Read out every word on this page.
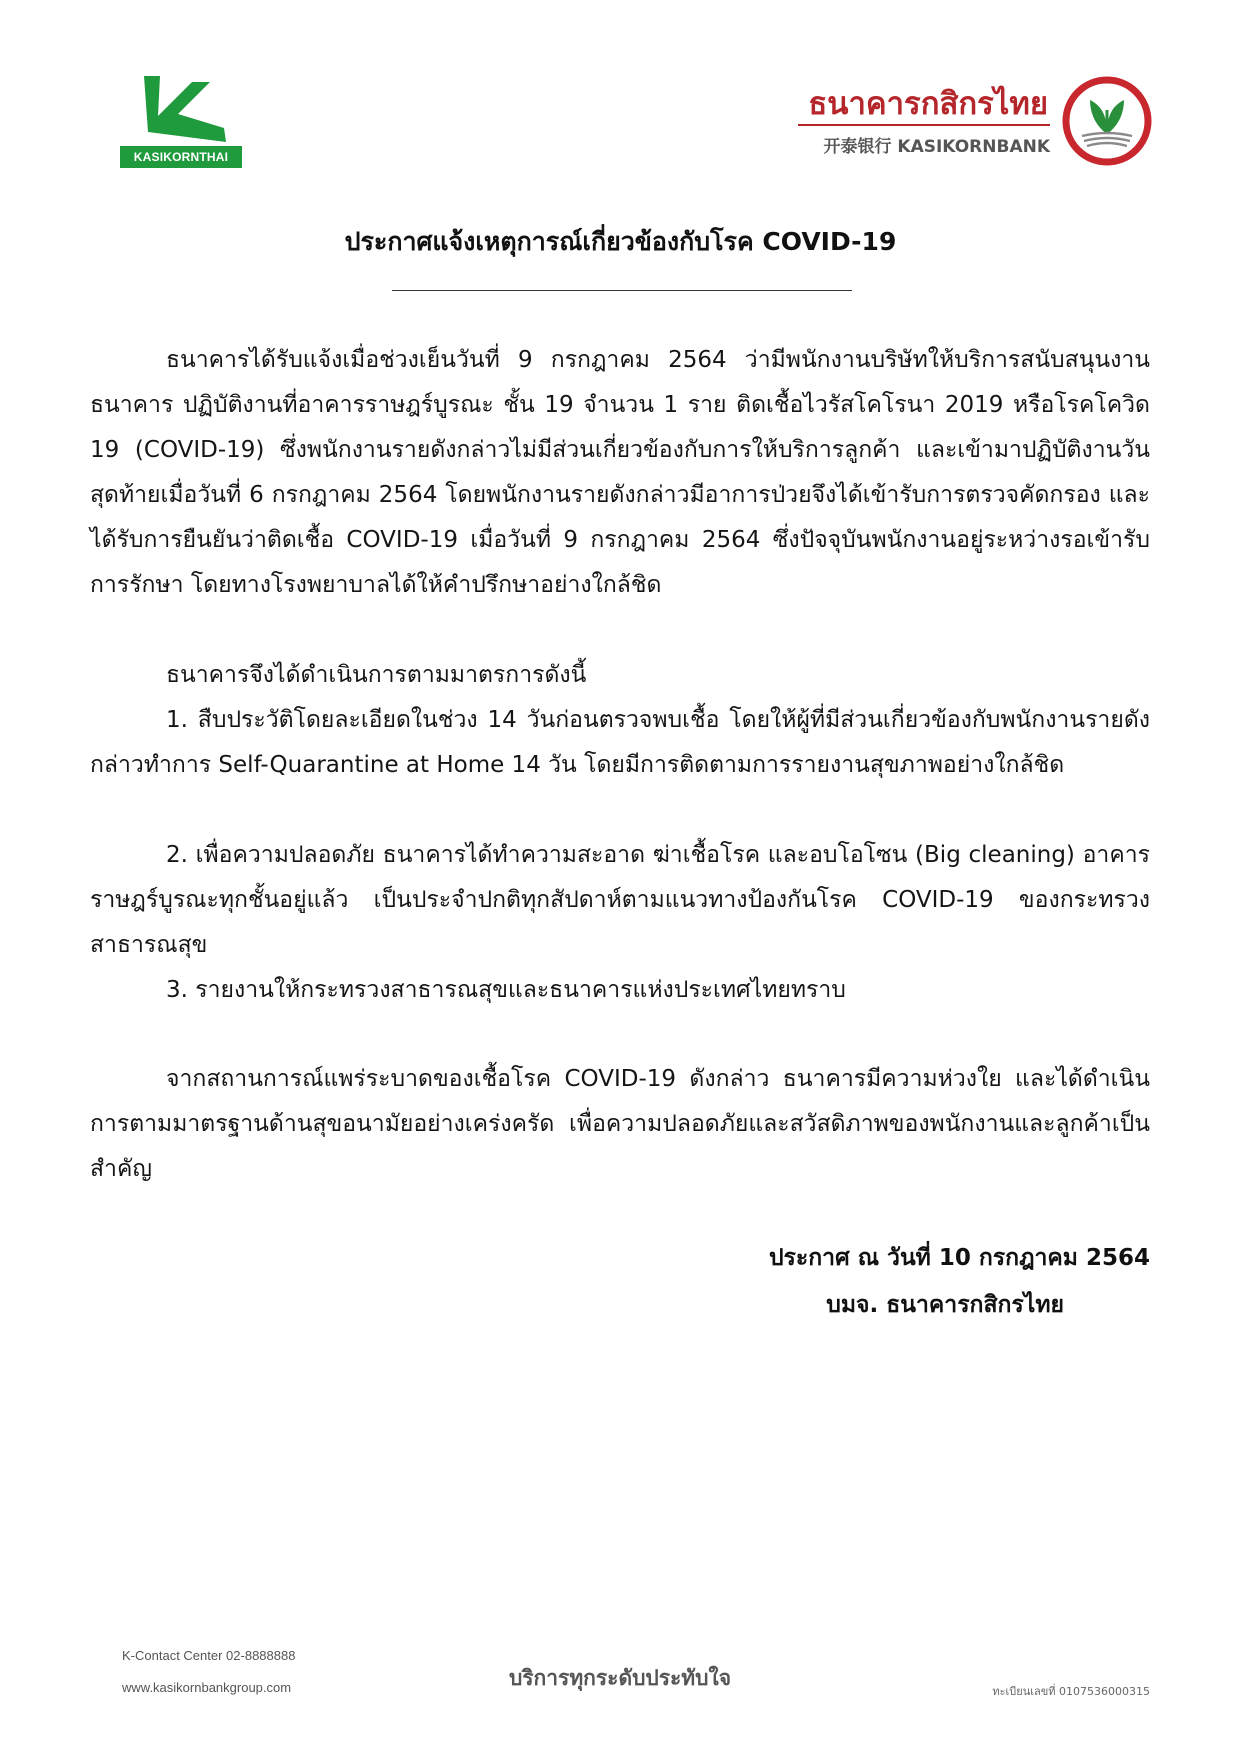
KASIKORNTHAI
ธนาคารกสิกรไทย
开泰银行 KASIKORNBANK
ประกาศแจ้งเหตุการณ์เกี่ยวข้องกับโรค COVID-19
ธนาคารได้รับแจ้งเมื่อช่วงเย็นวันที่ 9 กรกฎาคม 2564 ว่ามีพนักงานบริษัทให้บริการสนับสนุนงานธนาคาร ปฏิบัติงานที่อาคารราษฎร์บูรณะ ชั้น 19 จำนวน 1 ราย ติดเชื้อไวรัสโคโรนา 2019 หรือโรคโควิด 19 (COVID-19) ซึ่งพนักงานรายดังกล่าวไม่มีส่วนเกี่ยวข้องกับการให้บริการลูกค้า และเข้ามาปฏิบัติงานวันสุดท้ายเมื่อวันที่ 6 กรกฎาคม 2564 โดยพนักงานรายดังกล่าวมีอาการป่วยจึงได้เข้ารับการตรวจคัดกรอง และได้รับการยืนยันว่าติดเชื้อ COVID-19 เมื่อวันที่ 9 กรกฎาคม 2564 ซึ่งปัจจุบันพนักงานอยู่ระหว่างรอเข้ารับการรักษา โดยทางโรงพยาบาลได้ให้คำปรึกษาอย่างใกล้ชิด
ธนาคารจึงได้ดำเนินการตามมาตรการดังนี้
1. สืบประวัติโดยละเอียดในช่วง 14 วันก่อนตรวจพบเชื้อ โดยให้ผู้ที่มีส่วนเกี่ยวข้องกับพนักงานรายดังกล่าวทำการ Self-Quarantine at Home 14 วัน โดยมีการติดตามการรายงานสุขภาพอย่างใกล้ชิด
2. เพื่อความปลอดภัย ธนาคารได้ทำความสะอาด ฆ่าเชื้อโรค และอบโอโซน (Big cleaning) อาคารราษฎร์บูรณะทุกชั้นอยู่แล้ว เป็นประจำปกติทุกสัปดาห์ตามแนวทางป้องกันโรค COVID-19 ของกระทรวงสาธารณสุข
3. รายงานให้กระทรวงสาธารณสุขและธนาคารแห่งประเทศไทยทราบ
จากสถานการณ์แพร่ระบาดของเชื้อโรค COVID-19 ดังกล่าว ธนาคารมีความห่วงใย และได้ดำเนินการตามมาตรฐานด้านสุขอนามัยอย่างเคร่งครัด เพื่อความปลอดภัยและสวัสดิภาพของพนักงานและลูกค้าเป็นสำคัญ
ประกาศ ณ วันที่ 10 กรกฎาคม 2564
บมจ. ธนาคารกสิกรไทย
K-Contact Center 02-8888888
www.kasikornbankgroup.com	บริการทุกระดับประทับใจ
ทะเบียนเลขที่ 0107536000315
